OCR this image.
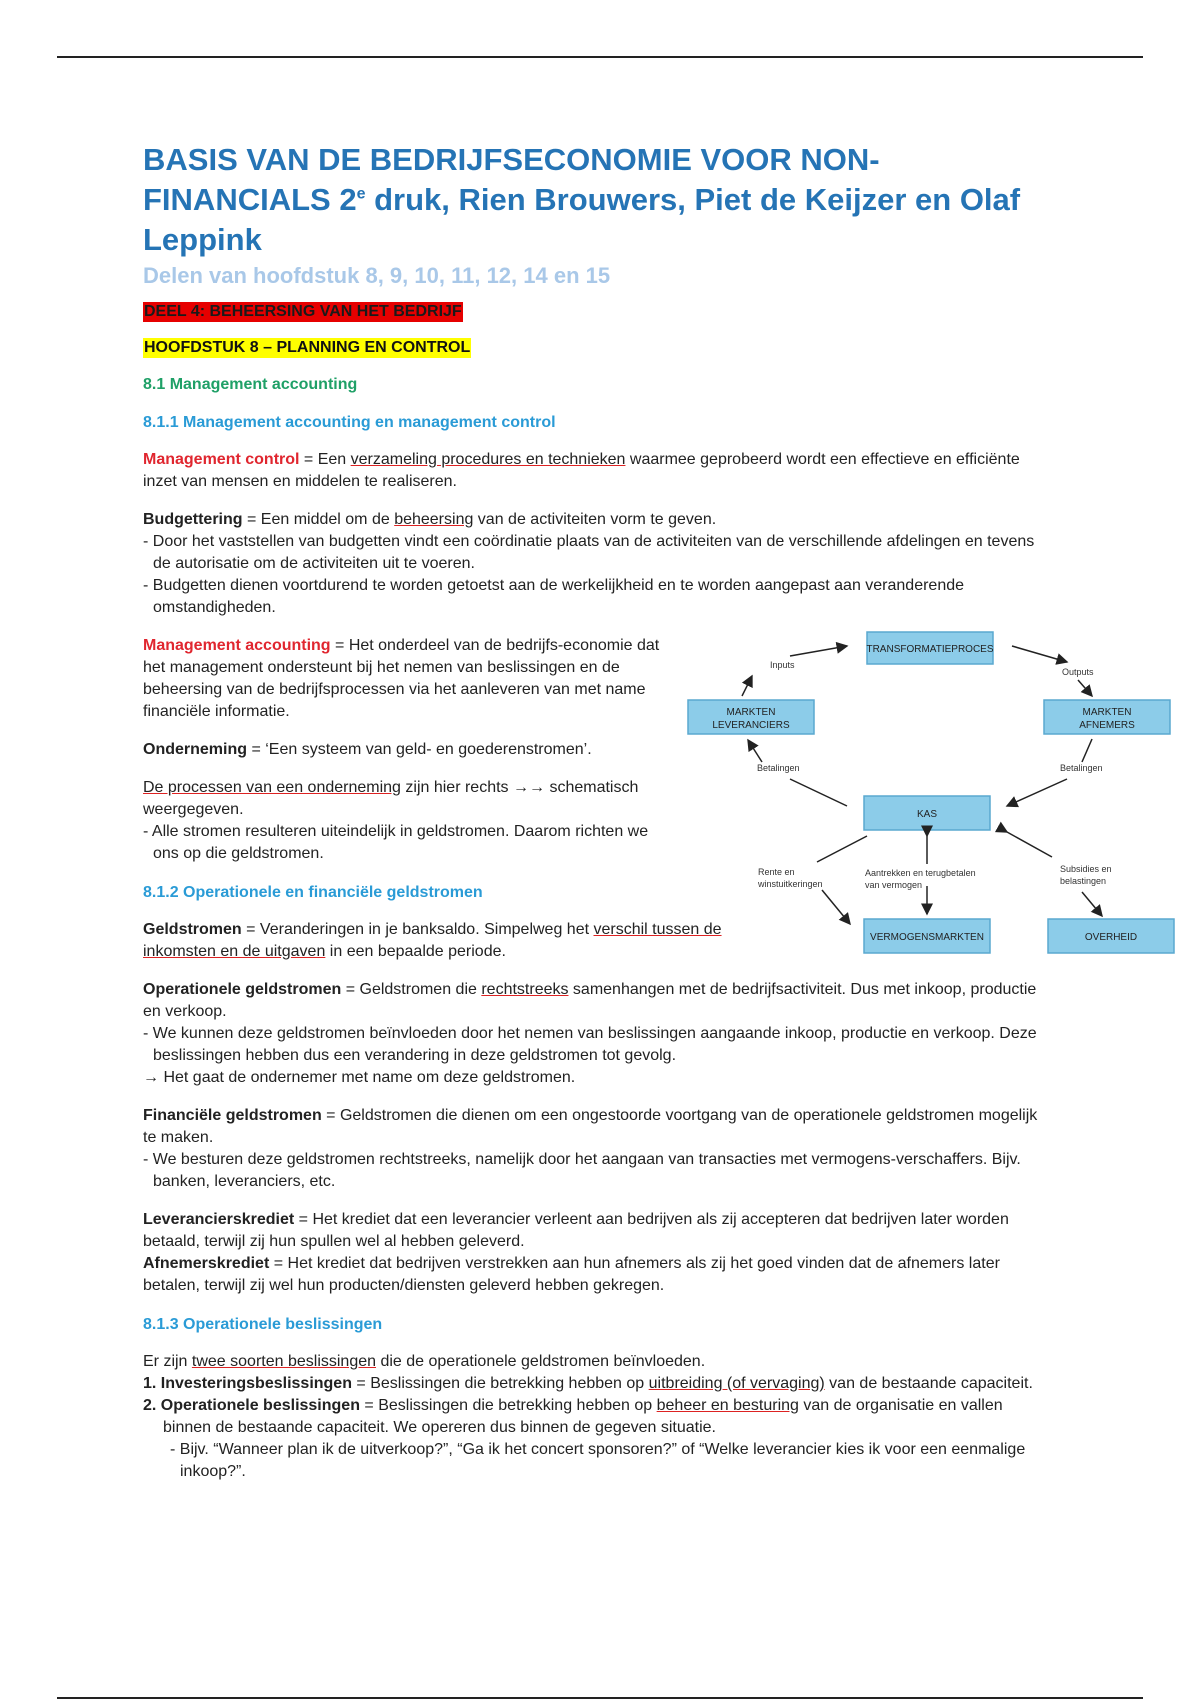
BASIS VAN DE BEDRIJFSECONOMIE VOOR NON-FINANCIALS 2e druk, Rien Brouwers, Piet de Keijzer en Olaf Leppink
Delen van hoofdstuk 8, 9, 10, 11, 12, 14 en 15
DEEL 4: BEHEERSING VAN HET BEDRIJF
HOOFDSTUK 8 – PLANNING EN CONTROL
8.1 Management accounting
8.1.1 Management accounting en management control

Management control = Een verzameling procedures en technieken waarmee geprobeerd wordt een effectieve en efficiënte inzet van mensen en middelen te realiseren.

Budgettering = Een middel om de beheersing van de activiteiten vorm te geven.
- Door het vaststellen van budgetten vindt een coördinatie plaats van de activiteiten van de verschillende afdelingen en tevens de autorisatie om de activiteiten uit te voeren.
- Budgetten dienen voortdurend te worden getoetst aan de werkelijkheid en te worden aangepast aan veranderende omstandigheden.

Management accounting = Het onderdeel van de bedrijfs-economie dat het management ondersteunt bij het nemen van beslissingen en de beheersing van de bedrijfsprocessen via het aanleveren van met name financiële informatie.

Onderneming = ‘Een systeem van geld- en goederenstromen’.

De processen van een onderneming zijn hier rechts →→ schematisch weergegeven.
- Alle stromen resulteren uiteindelijk in geldstromen. Daarom richten we ons op die geldstromen.

8.1.2 Operationele en financiële geldstromen

Geldstromen = Veranderingen in je banksaldo. Simpelweg het verschil tussen de inkomsten en de uitgaven in een bepaalde periode.

Operationele geldstromen = Geldstromen die rechtstreeks samenhangen met de bedrijfsactiviteit. Dus met inkoop, productie en verkoop.
- We kunnen deze geldstromen beïnvloeden door het nemen van beslissingen aangaande inkoop, productie en verkoop. Deze beslissingen hebben dus een verandering in deze geldstromen tot gevolg.
→ Het gaat de ondernemer met name om deze geldstromen.

Financiële geldstromen = Geldstromen die dienen om een ongestoorde voortgang van de operationele geldstromen mogelijk te maken.
- We besturen deze geldstromen rechtstreeks, namelijk door het aangaan van transacties met vermogens-verschaffers. Bijv. banken, leveranciers, etc.

Leverancierskrediet = Het krediet dat een leverancier verleent aan bedrijven als zij accepteren dat bedrijven later worden betaald, terwijl zij hun spullen wel al hebben geleverd.
Afnemerskrediet = Het krediet dat bedrijven verstrekken aan hun afnemers als zij het goed vinden dat de afnemers later betalen, terwijl zij wel hun producten/diensten geleverd hebben gekregen.

8.1.3 Operationele beslissingen

Er zijn twee soorten beslissingen die de operationele geldstromen beïnvloeden.
1. Investeringsbeslissingen = Beslissingen die betrekking hebben op uitbreiding (of vervaging) van de bestaande capaciteit.
2. Operationele beslissingen = Beslissingen die betrekking hebben op beheer en besturing van de organisatie en vallen binnen de bestaande capaciteit. We opereren dus binnen de gegeven situatie.
- Bijv. “Wanneer plan ik de uitverkoop?”, “Ga ik het concert sponsoren?” of “Welke leverancier kies ik voor een eenmalige inkoop?”.

TRANSFORMATIEPROCES
MARKTEN
LEVERANCIERS
MARKTEN
AFNEMERS
KAS
VERMOGENSMARKTEN	OVERHEID
Inputs
Outputs
Betalingen	Betalingen
Rente en
winstuitkeringen
Aantrekken en terugbetalen
van vermogen
Subsidies en
belastingen
